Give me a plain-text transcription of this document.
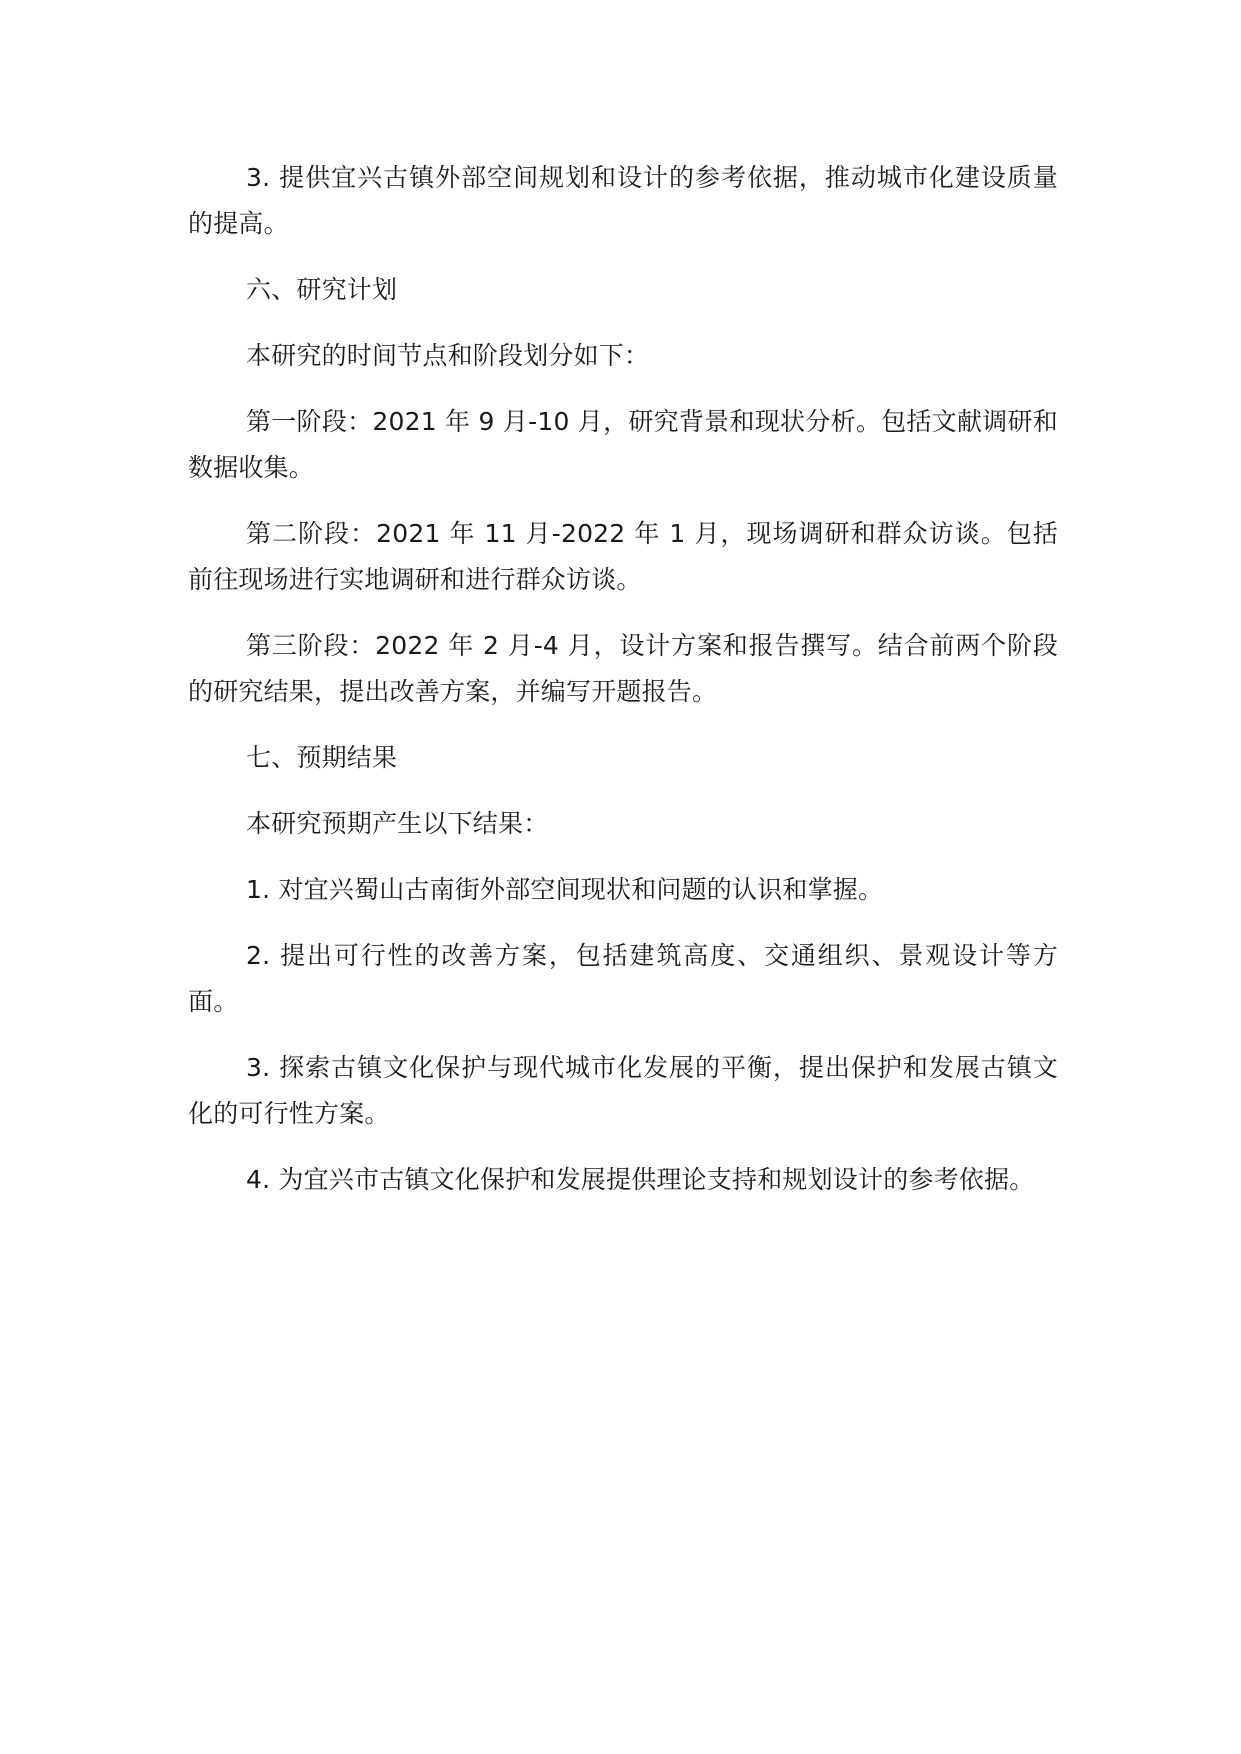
3. 提供宜兴古镇外部空间规划和设计的参考依据，推动城市化建设质量的提高。

六、研究计划

本研究的时间节点和阶段划分如下：

第一阶段：2021 年 9 月-10 月，研究背景和现状分析。包括文献调研和数据收集。

第二阶段：2021 年 11 月-2022 年 1 月，现场调研和群众访谈。包括前往现场进行实地调研和进行群众访谈。

第三阶段：2022 年 2 月-4 月，设计方案和报告撰写。结合前两个阶段的研究结果，提出改善方案，并编写开题报告。

七、预期结果

本研究预期产生以下结果：

1. 对宜兴蜀山古南街外部空间现状和问题的认识和掌握。

2. 提出可行性的改善方案，包括建筑高度、交通组织、景观设计等方面。

3. 探索古镇文化保护与现代城市化发展的平衡，提出保护和发展古镇文化的可行性方案。

4. 为宜兴市古镇文化保护和发展提供理论支持和规划设计的参考依据。
